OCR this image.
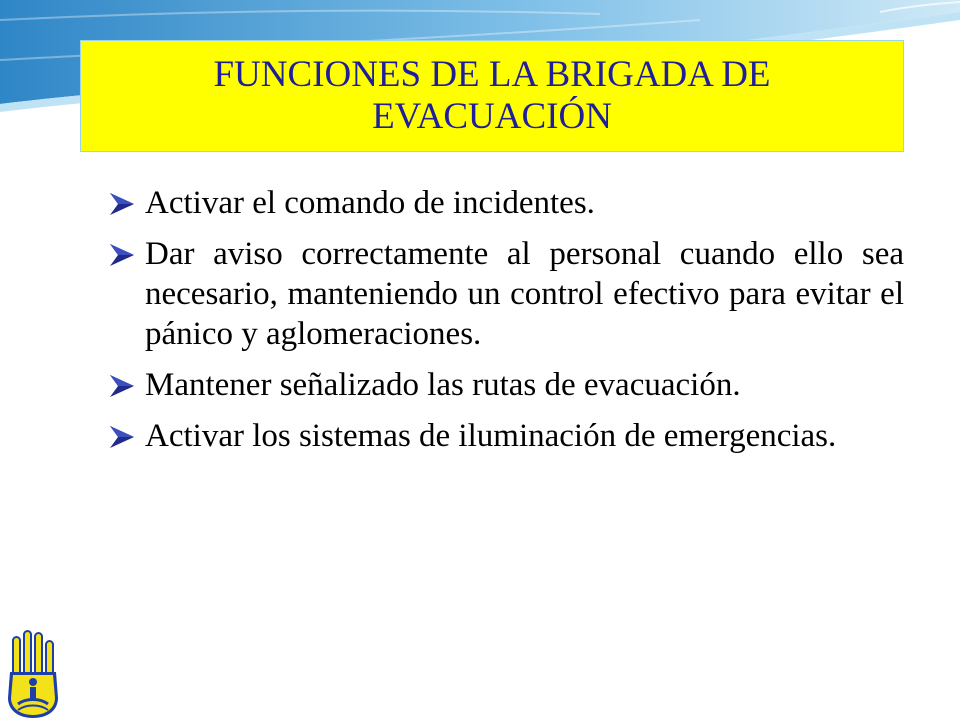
FUNCIONES DE LA BRIGADA DE EVACUACIÓN
Activar el comando de incidentes.
Dar aviso correctamente al personal cuando ello sea necesario, manteniendo un control efectivo para evitar el pánico y aglomeraciones.
Mantener señalizado las rutas de evacuación.
Activar los sistemas de iluminación de emergencias.
